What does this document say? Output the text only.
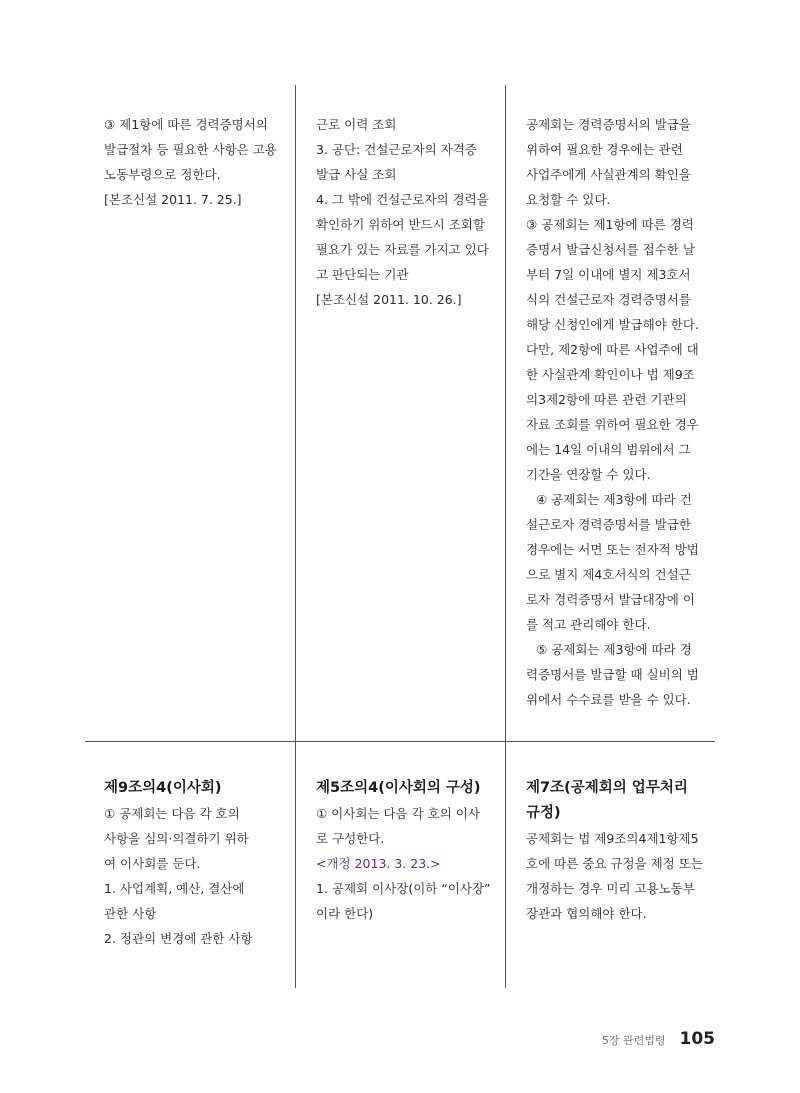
③ 제1항에 따른 경력증명서의
발급절차 등 필요한 사항은 고용
노동부령으로 정한다.
[본조신설 2011. 7. 25.]
근로 이력 조회
3. 공단: 건설근로자의 자격증
발급 사실 조회
4. 그 밖에 건설근로자의 경력을
확인하기 위하여 반드시 조회할
필요가 있는 자료를 가지고 있다
고 판단되는 기관
[본조신설 2011. 10. 26.]
공제회는 경력증명서의 발급을
위하여 필요한 경우에는 관련
사업주에게 사실관계의 확인을
요청할 수 있다.
③ 공제회는 제1항에 따른 경력
증명서 발급신청서를 접수한 날
부터 7일 이내에 별지 제3호서
식의 건설근로자 경력증명서를
해당 신청인에게 발급해야 한다.
다만, 제2항에 따른 사업주에 대
한 사실관계 확인이나 법 제9조
의3제2항에 따른 관련 기관의
자료 조회를 위하여 필요한 경우
에는 14일 이내의 범위에서 그
기간을 연장할 수 있다.
④ 공제회는 제3항에 따라 건
설근로자 경력증명서를 발급한
경우에는 서면 또는 전자적 방법
으로 별지 제4호서식의 건설근
로자 경력증명서 발급대장에 이
를 적고 관리해야 한다.
⑤ 공제회는 제3항에 따라 경
력증명서를 발급할 때 실비의 범
위에서 수수료를 받을 수 있다.
제9조의4(이사회)
① 공제회는 다음 각 호의
사항을 심의·의결하기 위하
여 이사회를 둔다.
1. 사업계획, 예산, 결산에
관한 사항
2. 정관의 변경에 관한 사항
제5조의4(이사회의 구성)
① 이사회는 다음 각 호의 이사
로 구성한다.
<개정 2013. 3. 23.>
1. 공제회 이사장(이하 “이사장”
이라 한다)
제7조(공제회의 업무처리
규정)
공제회는 법 제9조의4제1항제5
호에 따른 중요 규정을 제정 또는
개정하는 경우 미리 고용노동부
장관과 협의해야 한다.
5장 관련법령 105
